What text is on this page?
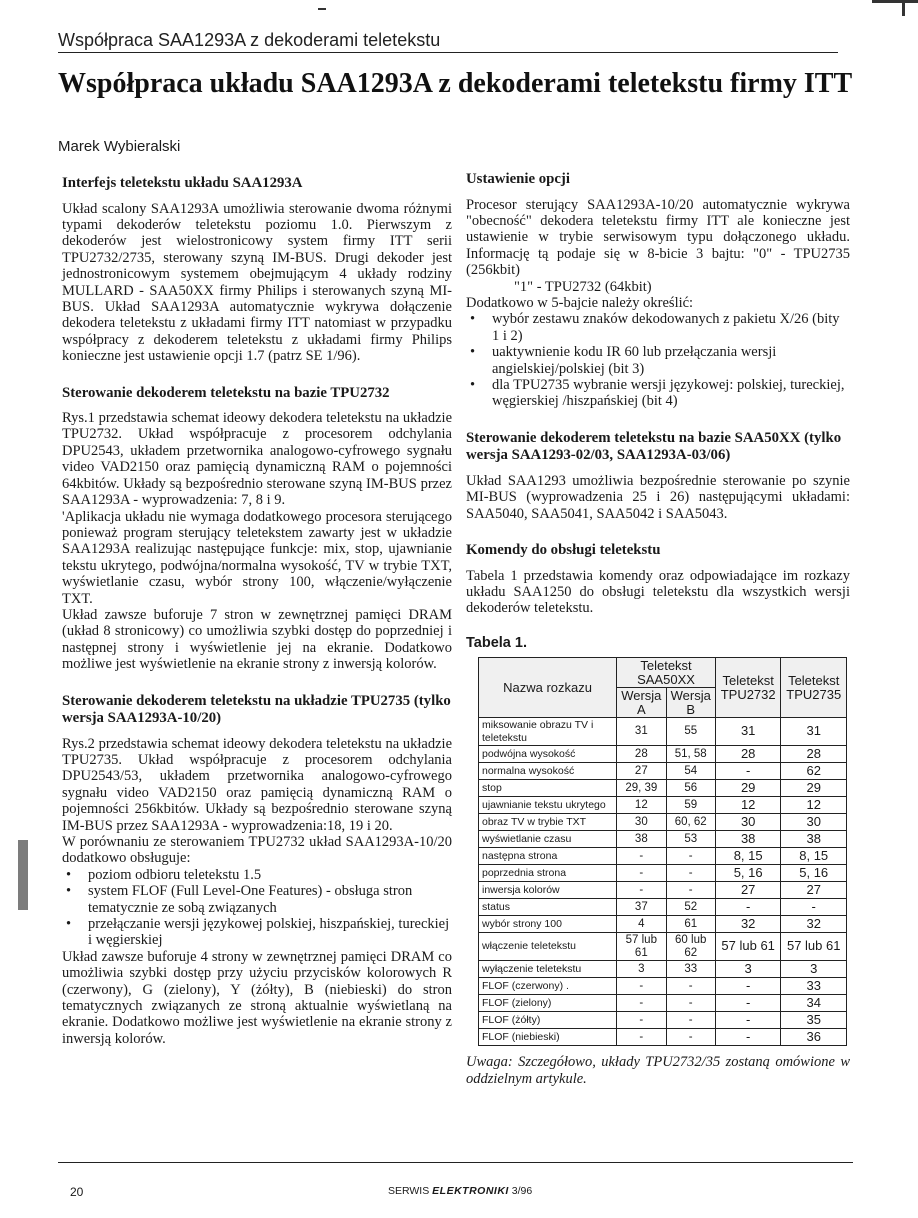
Współpraca SAA1293A z dekoderami teletekstu
Współpraca układu SAA1293A z dekoderami teletekstu firmy ITT
Marek Wybieralski
Interfejs teletekstu układu SAA1293A

Układ scalony SAA1293A umożliwia sterowanie dwoma różnymi typami dekoderów teletekstu poziomu 1.0. Pierwszym z dekoderów jest wielostronicowy system firmy ITT serii TPU2732/2735, sterowany szyną IM-BUS. Drugi dekoder jest jednostronicowym systemem obejmującym 4 układy rodziny MULLARD - SAA50XX firmy Philips i sterowanych szyną MI-BUS. Układ SAA1293A automatycznie wykrywa dołączenie dekodera teletekstu z układami firmy ITT natomiast w przypadku współpracy z dekoderem teletekstu z układami firmy Philips konieczne jest ustawienie opcji 1.7 (patrz SE 1/96).

Sterowanie dekoderem teletekstu na bazie TPU2732

Rys.1 przedstawia schemat ideowy dekodera teletekstu na układzie TPU2732. Układ współpracuje z procesorem odchylania DPU2543, układem przetwornika analogowo-cyfrowego sygnału video VAD2150 oraz pamięcią dynamiczną RAM o pojemności 64kbitów. Układy są bezpośrednio sterowane szyną IM-BUS przez SAA1293A - wyprowadzenia: 7, 8 i 9.

'Aplikacja układu nie wymaga dodatkowego procesora sterującego ponieważ program sterujący teletekstem zawarty jest w układzie SAA1293A realizując następujące funkcje: mix, stop, ujawnianie tekstu ukrytego, podwójna/normalna wysokość, TV w trybie TXT, wyświetlanie czasu, wybór strony 100, włączenie/wyłączenie TXT.

Układ zawsze buforuje 7 stron w zewnętrznej pamięci DRAM (układ 8 stronicowy) co umożliwia szybki dostęp do poprzedniej i następnej strony i wyświetlenie jej na ekranie. Dodatkowo możliwe jest wyświetlenie na ekranie strony z inwersją kolorów.

Sterowanie dekoderem teletekstu na układzie TPU2735 (tylko wersja SAA1293A-10/20)

Rys.2 przedstawia schemat ideowy dekodera teletekstu na układzie TPU2735. Układ współpracuje z procesorem odchylania DPU2543/53, układem przetwornika analogowo-cyfrowego sygnału video VAD2150 oraz pamięcią dynamiczną RAM o pojemności 256kbitów. Układy są bezpośrednio sterowane szyną IM-BUS przez SAA1293A - wyprowadzenia:18, 19 i 20.

W porównaniu ze sterowaniem TPU2732 układ SAA1293A-10/20 dodatkowo obsługuje:

• poziom odbioru teletekstu 1.5
• system FLOF (Full Level-One Features) - obsługa stron tematycznie ze sobą związanych
• przełączanie wersji językowej polskiej, hiszpańskiej, tureckiej i węgierskiej

Układ zawsze buforuje 4 strony w zewnętrznej pamięci DRAM co umożliwia szybki dostęp przy użyciu przycisków kolorowych R (czerwony), G (zielony), Y (żółty), B (niebieski) do stron tematycznych związanych ze stroną aktualnie wyświetlaną na ekranie. Dodatkowo możliwe jest wyświetlenie na ekranie strony z inwersją kolorów.

Ustawienie opcji

Procesor sterujący SAA1293A-10/20 automatycznie wykrywa "obecność" dekodera teletekstu firmy ITT ale konieczne jest ustawienie w trybie serwisowym typu dołączonego układu. Informację tą podaje się w 8-bicie 3 bajtu: "0" - TPU2735 (256kbit)

"1" - TPU2732 (64kbit)

Dodatkowo w 5-bajcie należy określić:

• wybór zestawu znaków dekodowanych z pakietu X/26 (bity 1 i 2)
• uaktywnienie kodu IR 60 lub przełączania wersji angielskiej/polskiej (bit 3)
• dla TPU2735 wybranie wersji językowej: polskiej, tureckiej, węgierskiej /hiszpańskiej (bit 4)
Sterowanie dekoderem teletekstu na bazie SAA50XX (tylko wersja SAA1293-02/03, SAA1293A-03/06)

Układ SAA1293 umożliwia bezpośrednie sterowanie po szynie MI-BUS (wyprowadzenia 25 i 26) następującymi układami: SAA5040, SAA5041, SAA5042 i SAA5043.

Komendy do obsługi teletekstu

Tabela 1 przedstawia komendy oraz odpowiadające im rozkazy układu SAA1250 do obsługi teletekstu dla wszystkich wersji dekoderów teletekstu.

Tabela 1.
Nazwa rozkazu	Teletekst SAA50XX		Teletekst TPU2732	Teletekst TPU2735
	Wersja A	Wersja B		
miksowanie obrazu TV i teletekstu	31	55	31	31
podwójna wysokość	28	51, 58	28	28
normalna wysokość	27	54	-	62
stop	29, 39	56	29	29
ujawnianie tekstu ukrytego	12	59	12	12
obraz TV w trybie TXT	30	60, 62	30	30
wyświetlanie czasu	38	53	38	38
następna strona	-	-	8, 15	8, 15
poprzednia strona	-	-	5, 16	5, 16
inwersja kolorów	-	-	27	27
status	37	52	-	-
wybór strony 100	4	61	32	32
włączenie teletekstu	57 lub 61	60 lub 62	57 lub 61	57 lub 61
wyłączenie teletekstu	3	33	3	3
FLOF (czerwony) .	-	-	-	33
FLOF (zielony)	-	-	-	34
FLOF (żółty)	-	-	-	35
FLOF (niebieski)	-	-	-	36

Uwaga: Szczegółowo, układy TPU2732/35 zostaną omówione w oddzielnym artykule.

20	SERWIS ELEKTRONIKI 3/96
